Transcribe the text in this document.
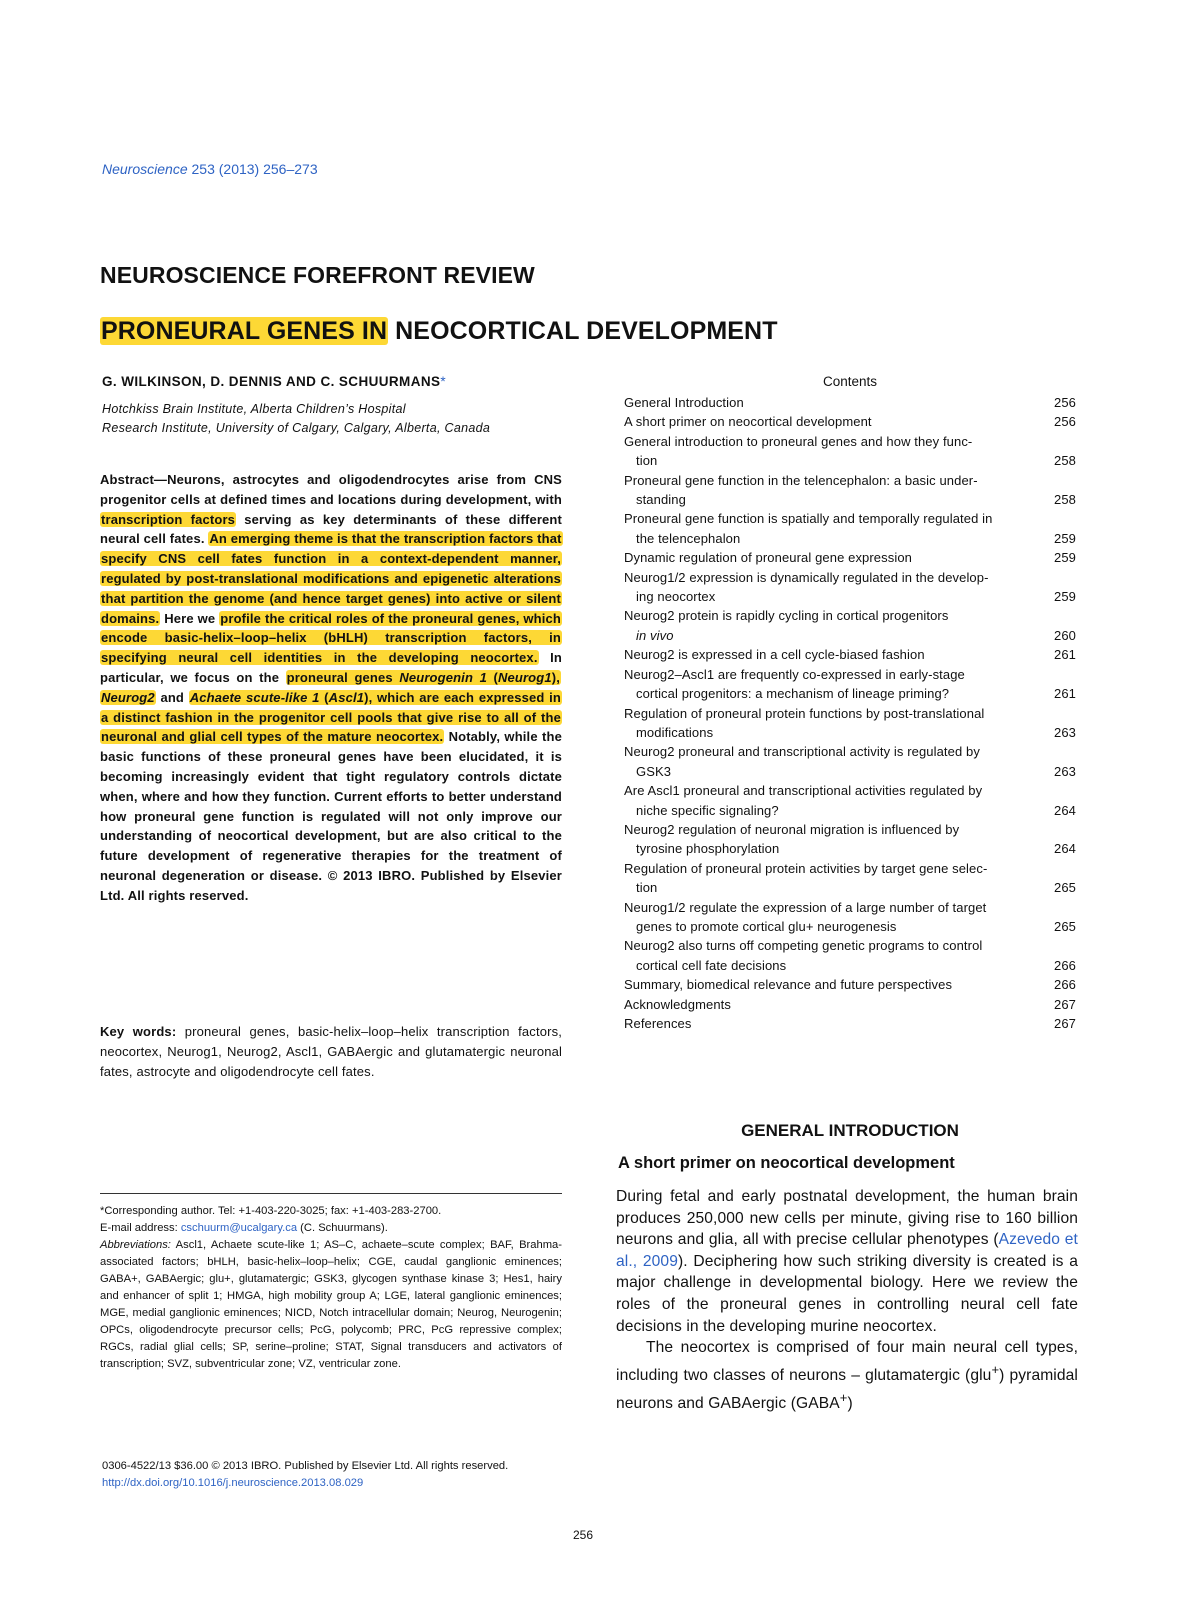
Neuroscience 253 (2013) 256–273
NEUROSCIENCE FOREFRONT REVIEW
PRONEURAL GENES IN NEOCORTICAL DEVELOPMENT
G. WILKINSON, D. DENNIS AND C. SCHUURMANS*
Hotchkiss Brain Institute, Alberta Children’s Hospital
Research Institute, University of Calgary, Calgary, Alberta, Canada
Abstract—Neurons, astrocytes and oligodendrocytes arise from CNS progenitor cells at defined times and locations during development, with transcription factors serving as key determinants of these different neural cell fates. An emerging theme is that the transcription factors that specify CNS cell fates function in a context-dependent manner, regulated by post-translational modifications and epigenetic alterations that partition the genome (and hence target genes) into active or silent domains. Here we profile the critical roles of the proneural genes, which encode basic-helix–loop–helix (bHLH) transcription factors, in specifying neural cell identities in the developing neocortex. In particular, we focus on the proneural genes Neurogenin 1 (Neurog1), Neurog2 and Achaete scute-like 1 (Ascl1), which are each expressed in a distinct fashion in the progenitor cell pools that give rise to all of the neuronal and glial cell types of the mature neocortex. Notably, while the basic functions of these proneural genes have been elucidated, it is becoming increasingly evident that tight regulatory controls dictate when, where and how they function. Current efforts to better understand how proneural gene function is regulated will not only improve our understanding of neocortical development, but are also critical to the future development of regenerative therapies for the treatment of neuronal degeneration or disease. © 2013 IBRO. Published by Elsevier Ltd. All rights reserved.
Key words: proneural genes, basic-helix–loop–helix transcription factors, neocortex, Neurog1, Neurog2, Ascl1, GABAergic and glutamatergic neuronal fates, astrocyte and oligodendrocyte cell fates.
*Corresponding author. Tel: +1-403-220-3025; fax: +1-403-283-2700.
E-mail address: cschuurm@ucalgary.ca (C. Schuurmans).
Abbreviations: Ascl1, Achaete scute-like 1; AS–C, achaete–scute complex; BAF, Brahma-associated factors; bHLH, basic-helix–loop–helix; CGE, caudal ganglionic eminences; GABA+, GABAergic; glu+, glutamatergic; GSK3, glycogen synthase kinase 3; Hes1, hairy and enhancer of split 1; HMGA, high mobility group A; LGE, lateral ganglionic eminences; MGE, medial ganglionic eminences; NICD, Notch intracellular domain; Neurog, Neurogenin; OPCs, oligodendrocyte precursor cells; PcG, polycomb; PRC, PcG repressive complex; RGCs, radial glial cells; SP, serine–proline; STAT, Signal transducers and activators of transcription; SVZ, subventricular zone; VZ, ventricular zone.
0306-4522/13 $36.00 © 2013 IBRO. Published by Elsevier Ltd. All rights reserved.
http://dx.doi.org/10.1016/j.neuroscience.2013.08.029
256
Contents
General Introduction	256
A short primer on neocortical development	256
General introduction to proneural genes and how they func-
tion	258
Proneural gene function in the telencephalon: a basic under-
standing	258
Proneural gene function is spatially and temporally regulated in
the telencephalon	259
Dynamic regulation of proneural gene expression	259
Neurog1/2 expression is dynamically regulated in the develop-
ing neocortex	259
Neurog2 protein is rapidly cycling in cortical progenitors
in vivo	260
Neurog2 is expressed in a cell cycle-biased fashion	261
Neurog2–Ascl1 are frequently co-expressed in early-stage
cortical progenitors: a mechanism of lineage priming?	261
Regulation of proneural protein functions by post-translational
modifications	263
Neurog2 proneural and transcriptional activity is regulated by
GSK3	263
Are Ascl1 proneural and transcriptional activities regulated by
niche specific signaling?	264
Neurog2 regulation of neuronal migration is influenced by
tyrosine phosphorylation	264
Regulation of proneural protein activities by target gene selec-
tion	265
Neurog1/2 regulate the expression of a large number of target
genes to promote cortical glu+ neurogenesis	265
Neurog2 also turns off competing genetic programs to control
cortical cell fate decisions	266
Summary, biomedical relevance and future perspectives	266
Acknowledgments	267
References	267
GENERAL INTRODUCTION
A short primer on neocortical development

During fetal and early postnatal development, the human brain produces 250,000 new cells per minute, giving rise to 160 billion neurons and glia, all with precise cellular phenotypes (Azevedo et al., 2009). Deciphering how such striking diversity is created is a major challenge in developmental biology. Here we review the roles of the proneural genes in controlling neural cell fate decisions in the developing murine neocortex.

The neocortex is comprised of four main neural cell types, including two classes of neurons – glutamatergic (glu+) pyramidal neurons and GABAergic (GABA+)
